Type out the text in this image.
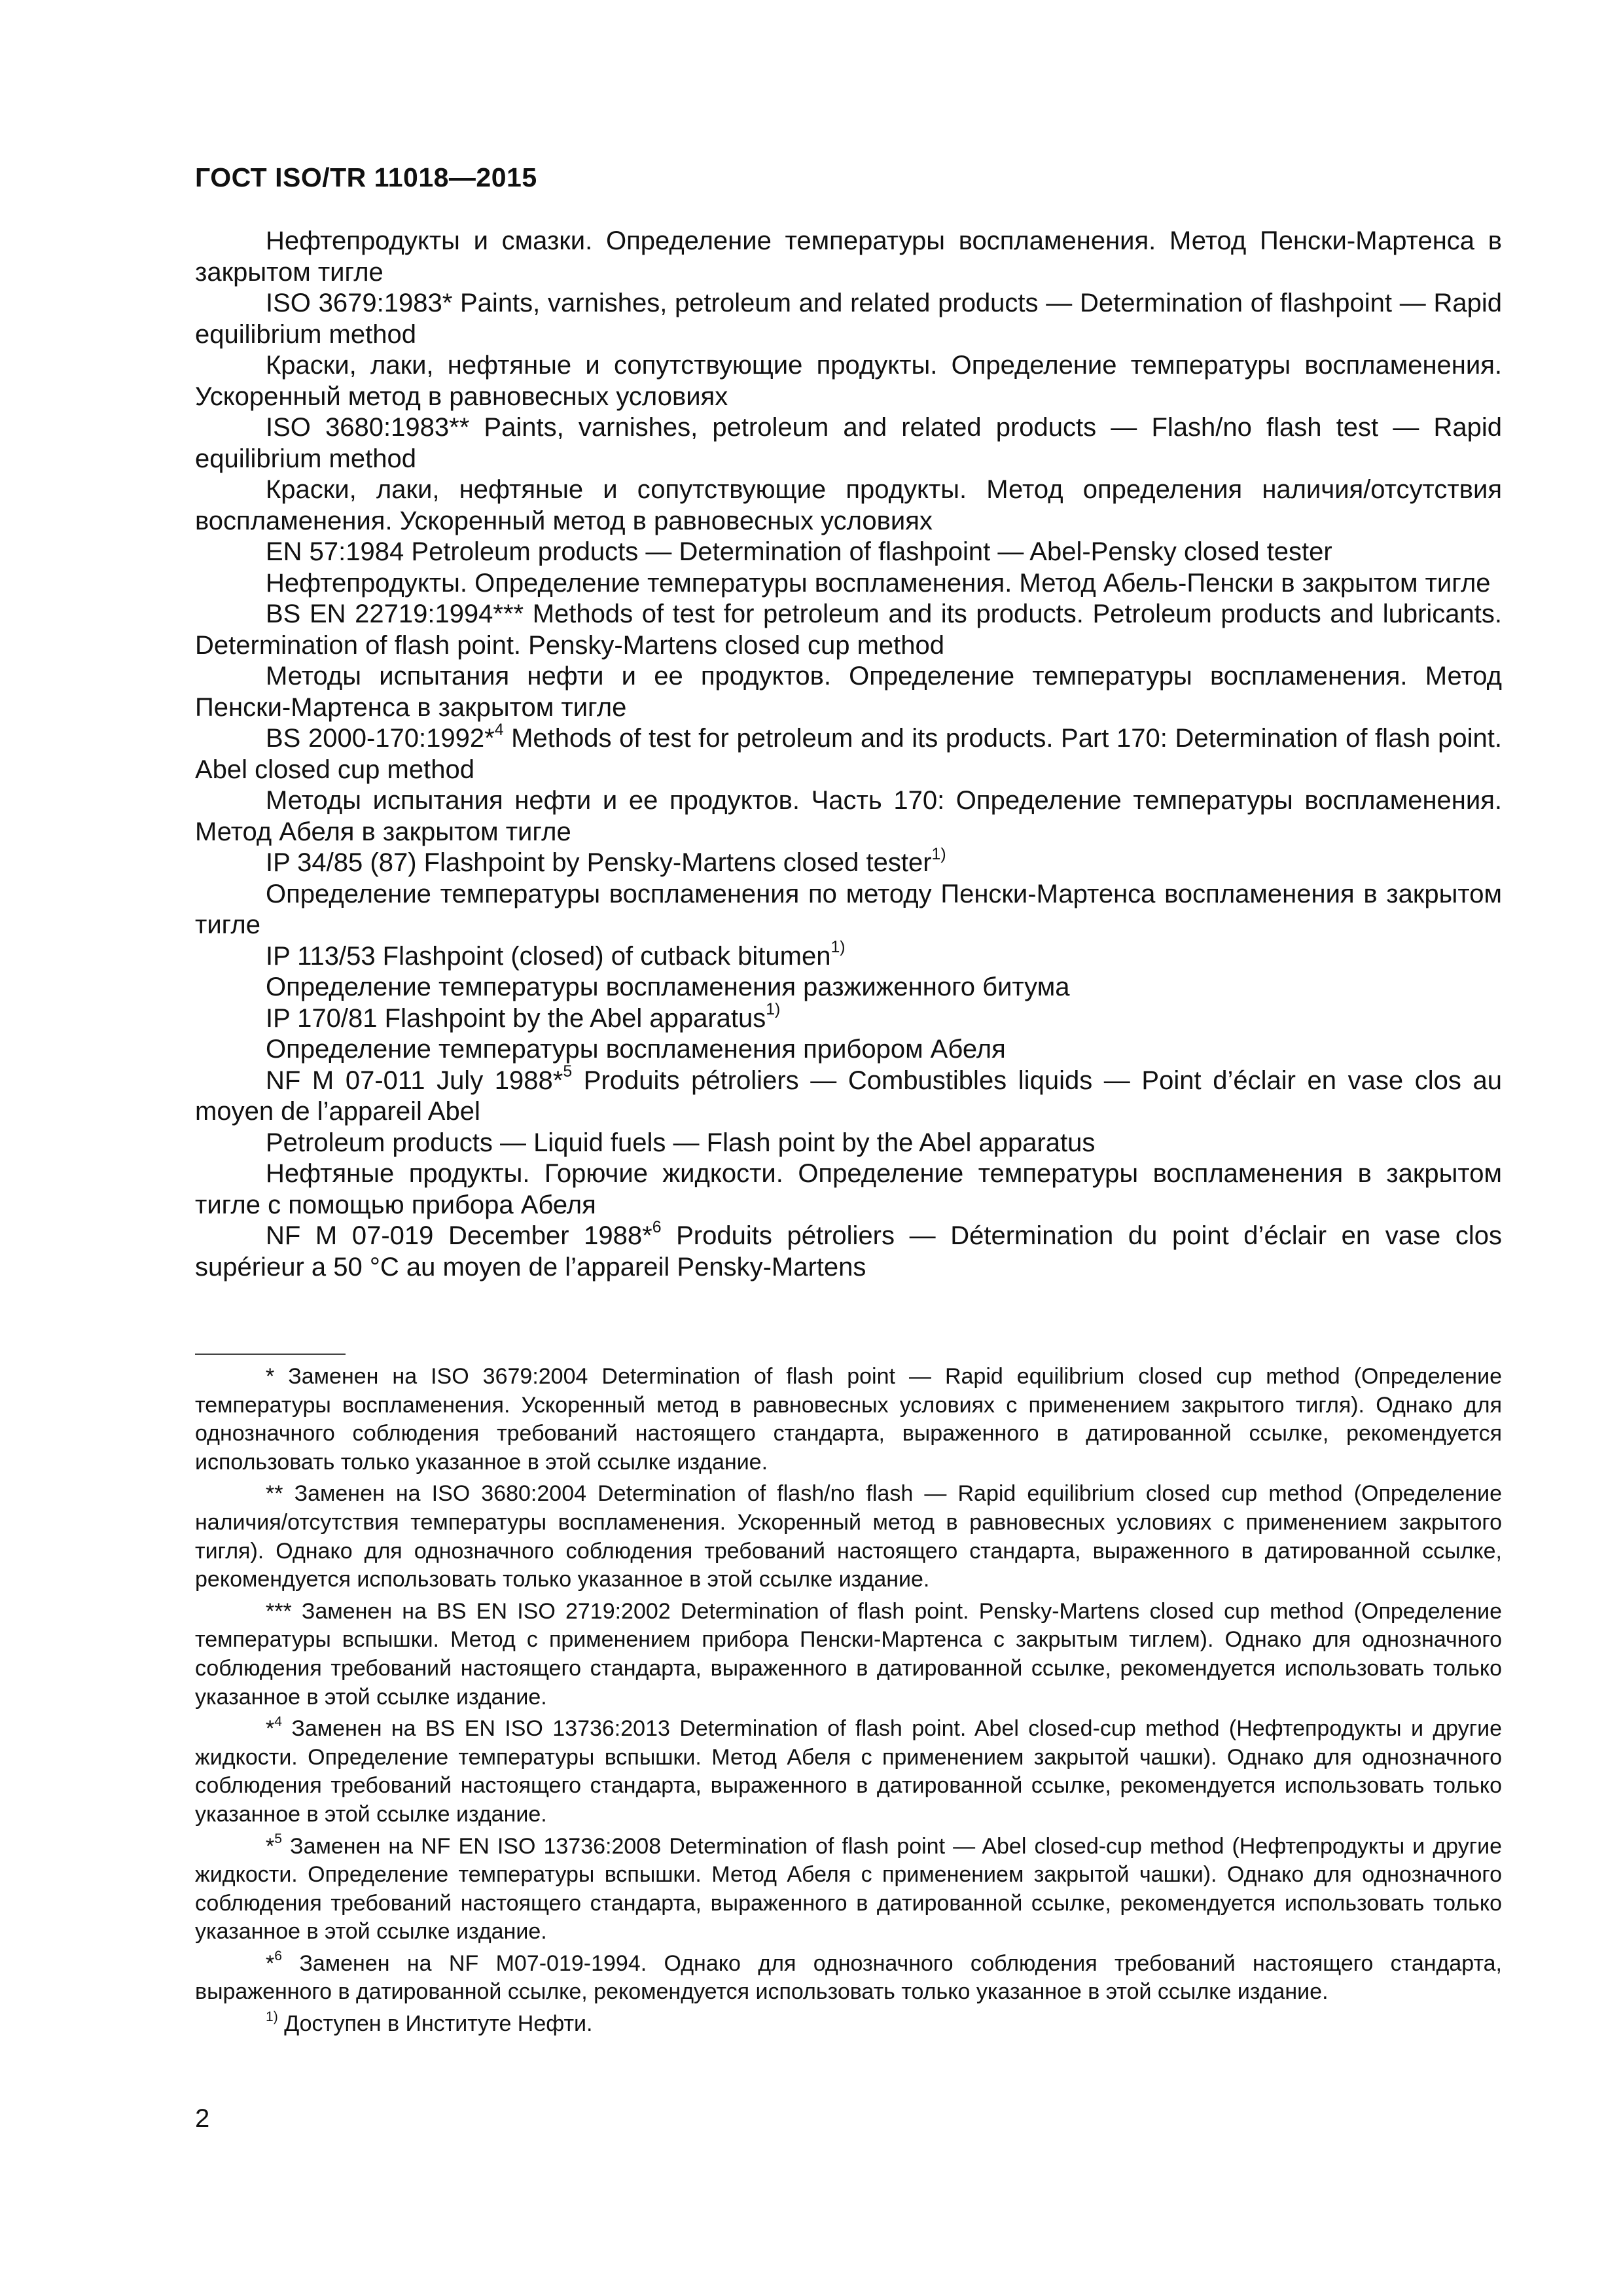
ГОСТ ISO/TR 11018—2015

Нефтепродукты и смазки. Определение температуры воспламенения. Метод Пенски-Мартенса в закрытом тигле

ISO 3679:1983* Paints, varnishes, petroleum and related products — Determination of flashpoint — Rapid equilibrium method

Краски, лаки, нефтяные и сопутствующие продукты. Определение температуры воспламенения. Ускоренный метод в равновесных условиях

ISO 3680:1983** Paints, varnishes, petroleum and related products — Flash/no flash test — Rapid equilibrium method

Краски, лаки, нефтяные и сопутствующие продукты. Метод определения наличия/отсутствия воспламенения. Ускоренный метод в равновесных условиях

EN 57:1984 Petroleum products — Determination of flashpoint — Abel-Pensky closed tester

Нефтепродукты. Определение температуры воспламенения. Метод Абель-Пенски в закрытом тигле

BS EN 22719:1994*** Methods of test for petroleum and its products. Petroleum products and lubricants. Determination of flash point. Pensky-Martens closed cup method

Методы испытания нефти и ее продуктов. Определение температуры воспламенения. Метод Пенски-Мартенса в закрытом тигле

BS 2000-170:1992*$^4$ Methods of test for petroleum and its products. Part 170: Determination of flash point. Abel closed cup method

Методы испытания нефти и ее продуктов. Часть 170: Определение температуры воспламенения. Метод Абеля в закрытом тигле

IP 34/85 (87) Flashpoint by Pensky-Martens closed tester$^{1)}$

Определение температуры воспламенения по методу Пенски-Мартенса воспламенения в закрытом тигле

IP 113/53 Flashpoint (closed) of cutback bitumen$^{1)}$

Определение температуры воспламенения разжиженного битума

IP 170/81 Flashpoint by the Abel apparatus$^{1)}$

Определение температуры воспламенения прибором Абеля

NF M 07-011 July 1988*$^5$ Produits pétroliers — Combustibles liquids — Point d’éclair en vase clos au moyen de l’appareil Abel

Petroleum products — Liquid fuels — Flash point by the Abel apparatus

Нефтяные продукты. Горючие жидкости. Определение температуры воспламенения в закрытом тигле с помощью прибора Абеля

NF M 07-019 December 1988*$^6$ Produits pétroliers — Détermination du point d’éclair en vase clos supérieur a 50 °C au moyen de l’appareil Pensky-Martens

* Заменен на ISO 3679:2004 Determination of flash point — Rapid equilibrium closed cup method (Определение температуры воспламенения. Ускоренный метод в равновесных условиях с применением закрытого тигля). Однако для однозначного соблюдения требований настоящего стандарта, выраженного в датированной ссылке, рекомендуется использовать только указанное в этой ссылке издание.

** Заменен на ISO 3680:2004 Determination of flash/no flash — Rapid equilibrium closed cup method (Определение наличия/отсутствия температуры воспламенения. Ускоренный метод в равновесных условиях с применением закрытого тигля). Однако для однозначного соблюдения требований настоящего стандарта, выраженного в датированной ссылке, рекомендуется использовать только указанное в этой ссылке издание.

*** Заменен на BS EN ISO 2719:2002 Determination of flash point. Pensky-Martens closed cup method (Определение температуры вспышки. Метод с применением прибора Пенски-Мартенса с закрытым тиглем). Однако для однозначного соблюдения требований настоящего стандарта, выраженного в датированной ссылке, рекомендуется использовать только указанное в этой ссылке издание.

*$^4$ Заменен на BS EN ISO 13736:2013 Determination of flash point. Abel closed-cup method (Нефтепродукты и другие жидкости. Определение температуры вспышки. Метод Абеля с применением закрытой чашки). Однако для однозначного соблюдения требований настоящего стандарта, выраженного в датированной ссылке, рекомендуется использовать только указанное в этой ссылке издание.

*$^5$ Заменен на NF EN ISO 13736:2008 Determination of flash point — Abel closed-cup method (Нефтепродукты и другие жидкости. Определение температуры вспышки. Метод Абеля с применением закрытой чашки). Однако для однозначного соблюдения требований настоящего стандарта, выраженного в датированной ссылке, рекомендуется использовать только указанное в этой ссылке издание.

*$^6$ Заменен на NF M07-019-1994. Однако для однозначного соблюдения требований настоящего стандарта, выраженного в датированной ссылке, рекомендуется использовать только указанное в этой ссылке издание.

$^{1)}$ Доступен в Институте Нефти.

2
